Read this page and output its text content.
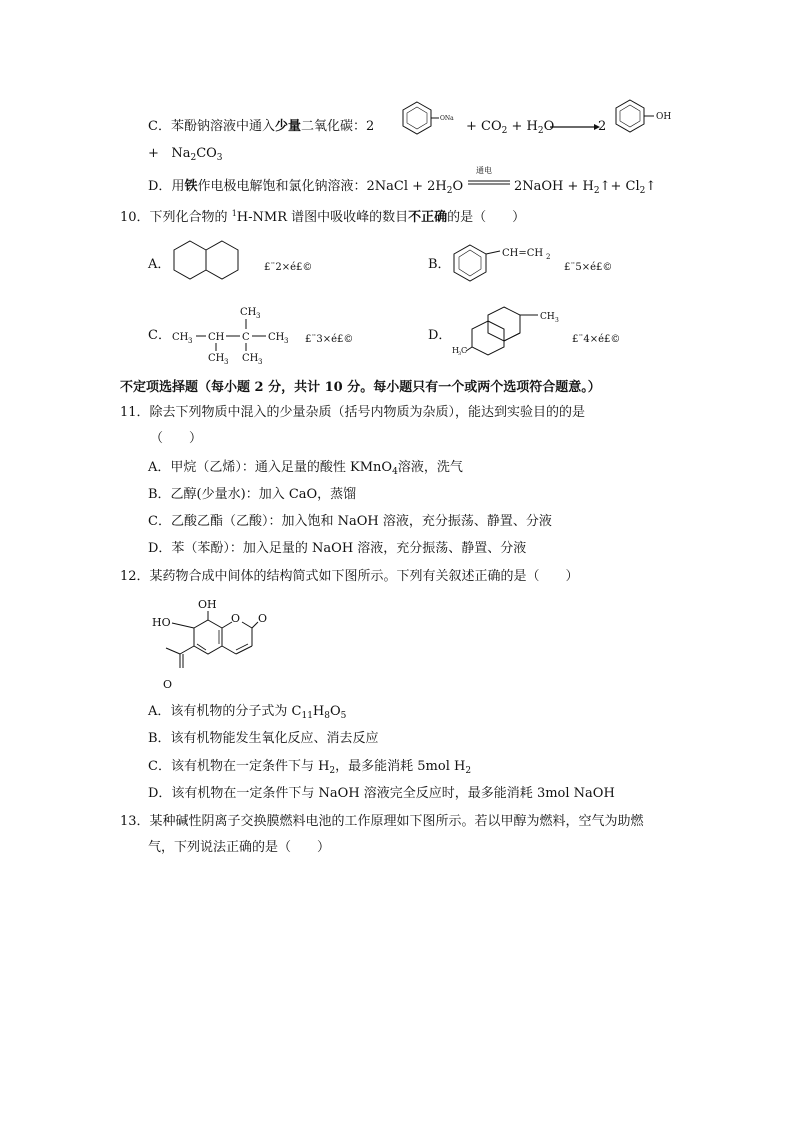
C．苯酚钠溶液中通入少量二氧化碳：2
ONa
+ $CO_2 + H_2O$	2
OH
+ $Na_2CO_3$
D．用铁作电极电解饱和氯化钠溶液：2NaCl + $2H_2O$
通电
2NaOH + $H_2↑+$ $Cl_2↑$
10．下列化合物的 $^1$H-NMR 谱图中吸收峰的数目不正确的是（　　）
A．	£¨2×é£©	B．
CH=CH 2
£¨5×é£©
C． CH 3 CH C CH 3
CH 3
CH 3
CH 3
£¨3×é£©	D．
CH 3
H 3 C
£¨4×é£©
不定项选择题（每小题 2 分，共计 10 分。每小题只有一个或两个选项符合题意。）
11．除去下列物质中混入的少量杂质（括号内物质为杂质），能达到实验目的的是
（　　）
A．甲烷（乙烯）：通入足量的酸性 KMnO$_4$溶液，洗气
B．乙醇(少量水)：加入 CaO，蒸馏
C．乙酸乙酯（乙酸）：加入饱和 NaOH 溶液，充分振荡、静置、分液
D．苯（苯酚）：加入足量的 NaOH 溶液，充分振荡、静置、分液
12．某药物合成中间体的结构简式如下图所示。下列有关叙述正确的是（　　）
OH
HO	O O
O
A．该有机物的分子式为 $C_{11}H_8O_5$
B．该有机物能发生氧化反应、消去反应
C．该有机物在一定条件下与 $H_2$，最多能消耗 5mol $H_2$
D．该有机物在一定条件下与 NaOH 溶液完全反应时，最多能消耗 3mol NaOH
13．某种碱性阴离子交换膜燃料电池的工作原理如下图所示。若以甲醇为燃料，空气为助燃
气，下列说法正确的是（　　）
